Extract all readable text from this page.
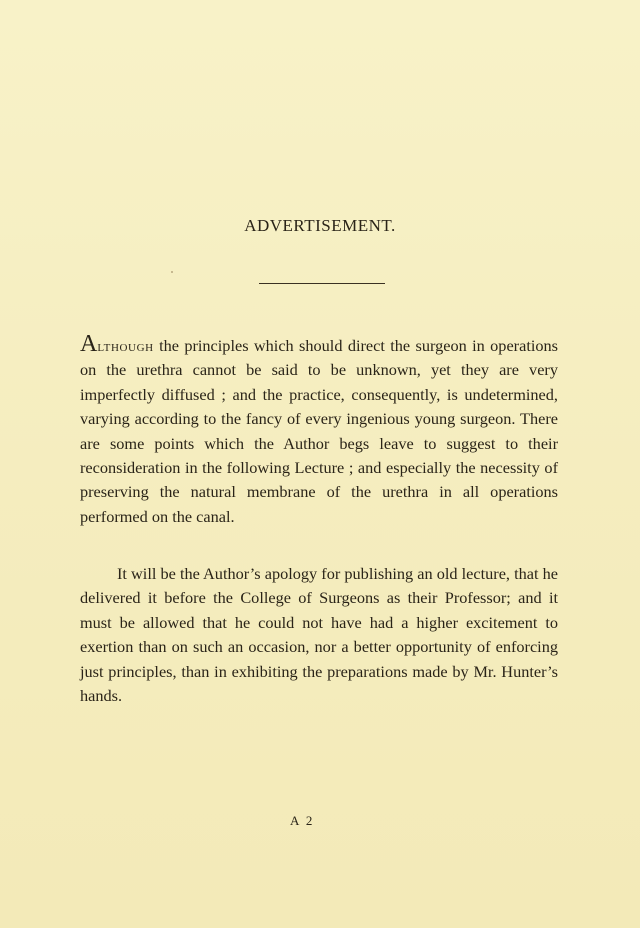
ADVERTISEMENT.

Although the principles which should direct the surgeon in operations on the urethra cannot be said to be unknown, yet they are very imperfectly diffused ; and the practice, consequently, is undetermined, varying according to the fancy of every ingenious young surgeon. There are some points which the Author begs leave to suggest to their reconsideration in the following Lecture ; and especially the necessity of preserving the natural membrane of the urethra in all operations performed on the canal.

It will be the Author’s apology for publishing an old lecture, that he delivered it before the College of Surgeons as their Professor; and it must be allowed that he could not have had a higher excitement to exertion than on such an occasion, nor a better opportunity of enforcing just principles, than in exhibiting the preparations made by Mr. Hunter’s hands.

A 2
